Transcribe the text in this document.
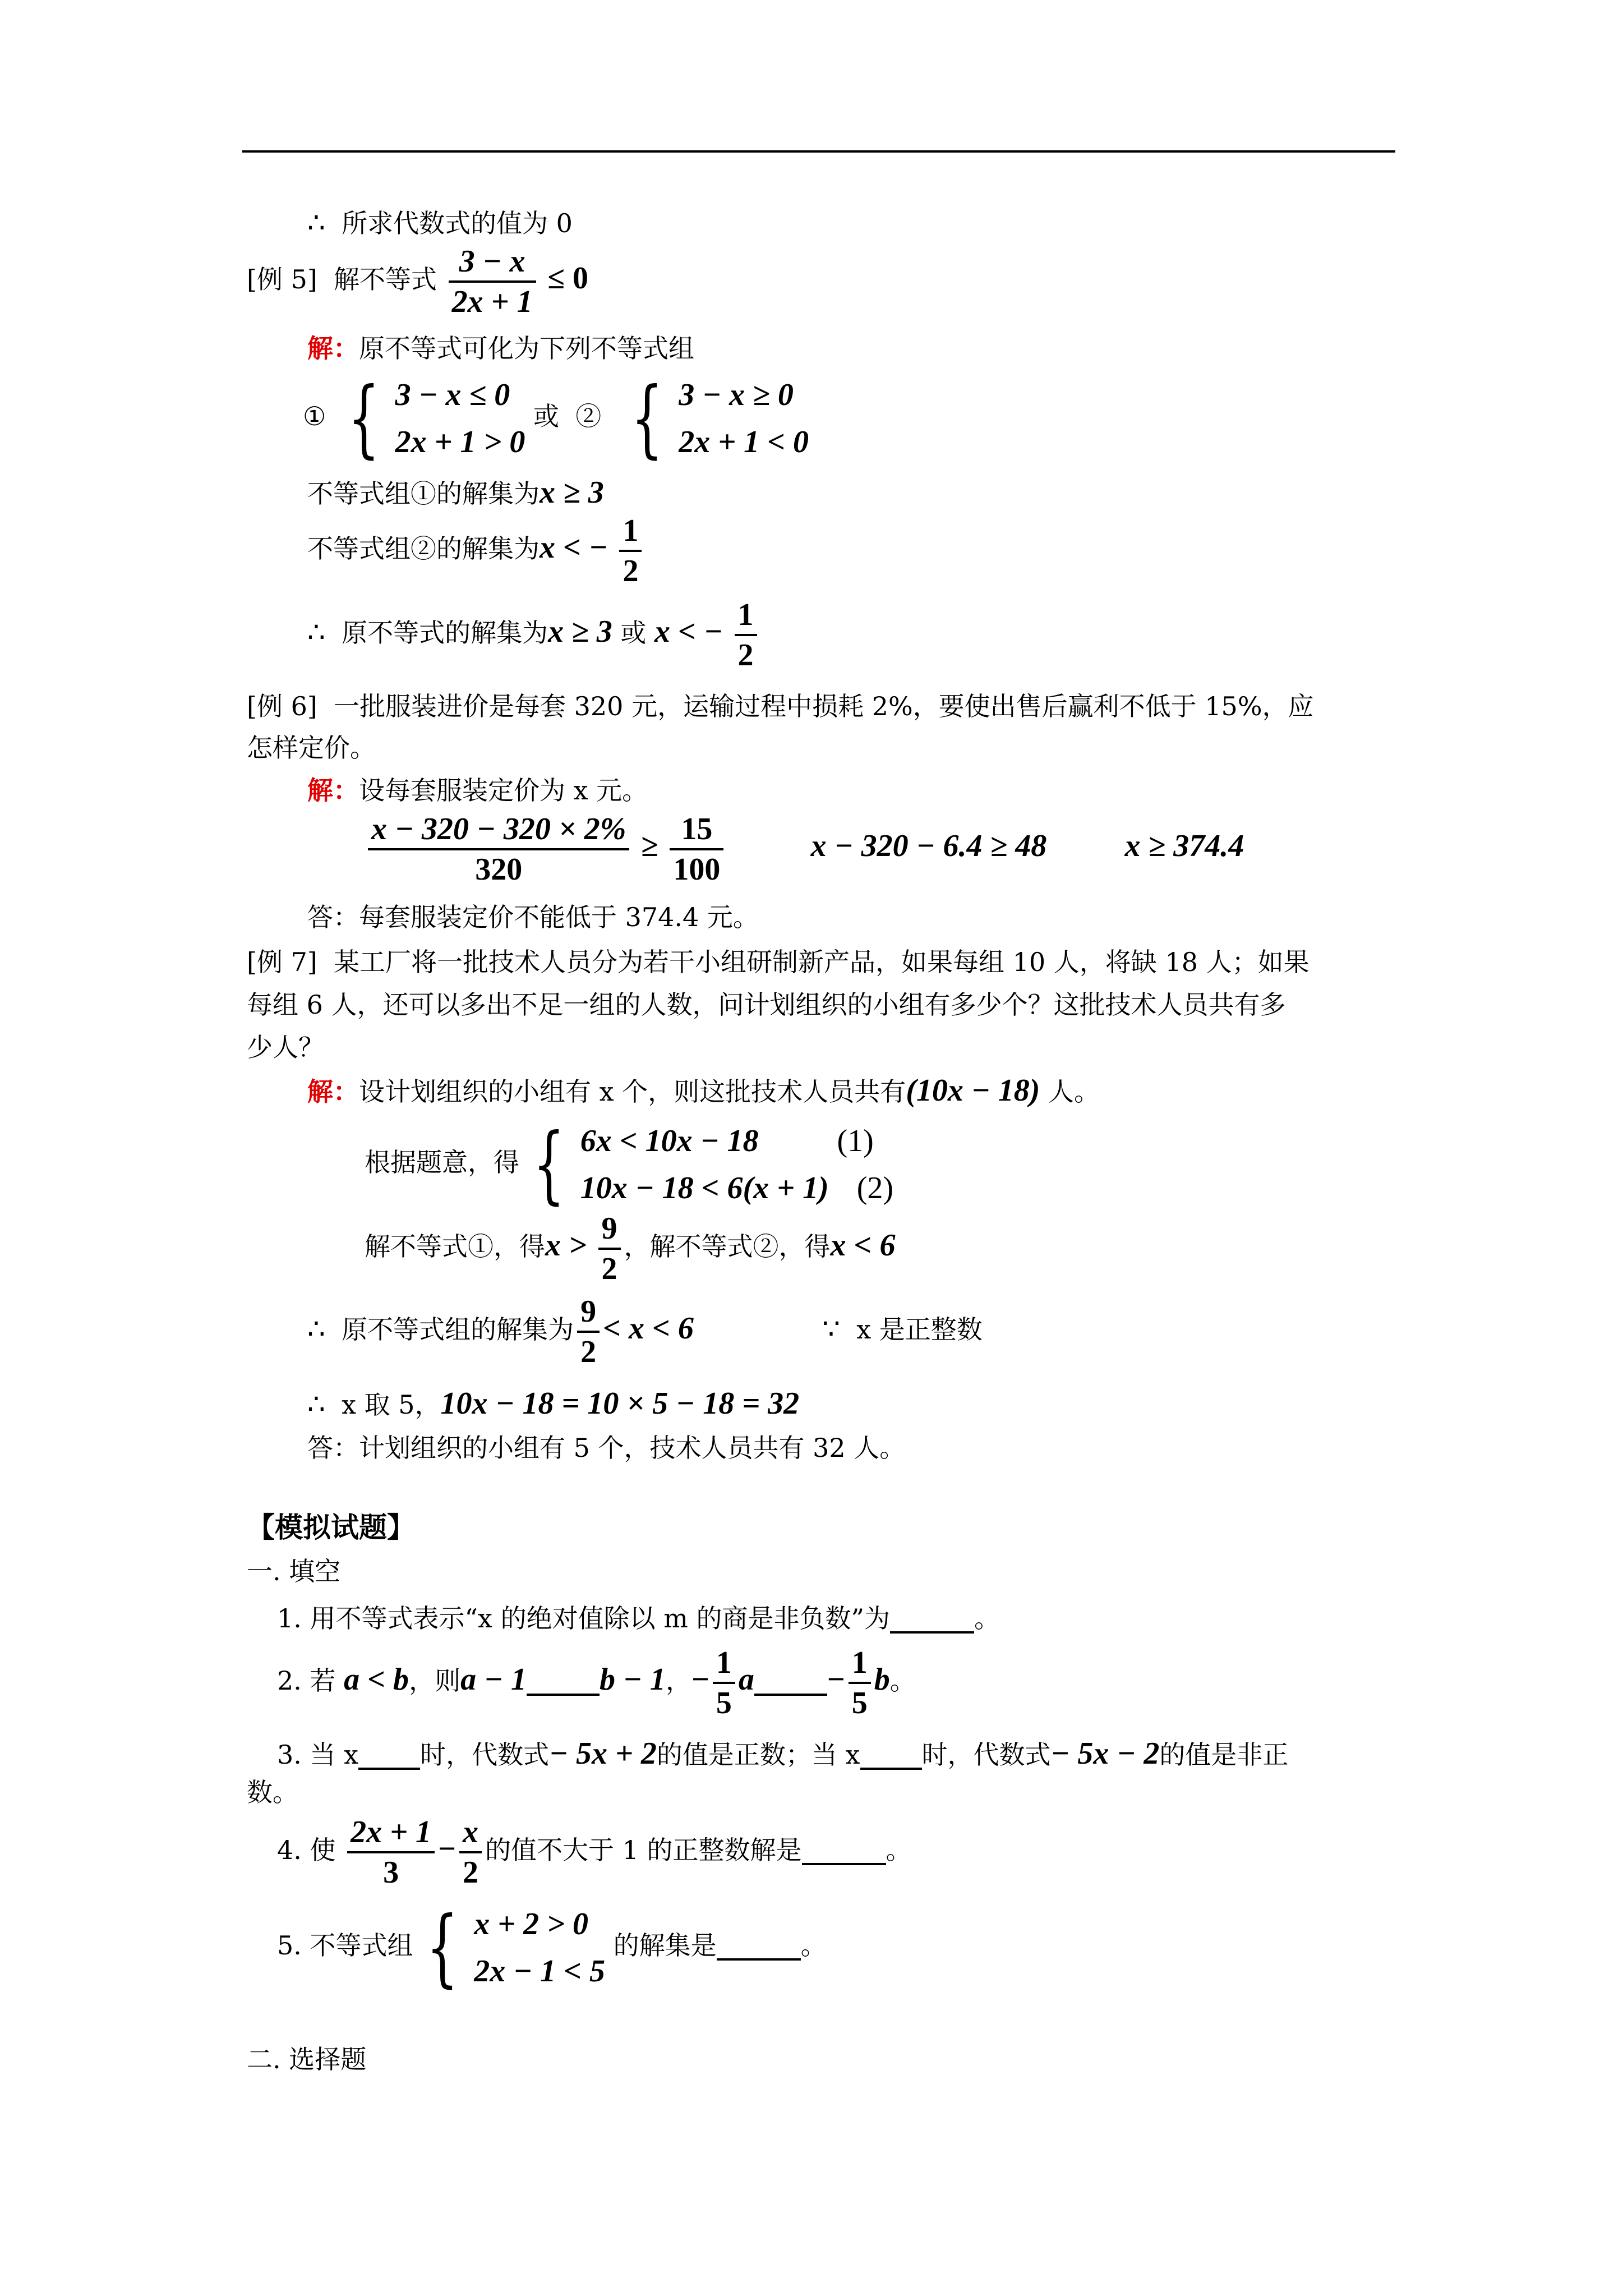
∴ 所求代数式的值为 0
[例 5] 解不等式 $\frac{3 - x}{2x + 1} \le 0$
解：原不等式可化为下列不等式组
① { 3 − x ≤ 0
2x + 1 > 0
或 ② { 3 − x ≥ 0
2x + 1 < 0
不等式组①的解集为x ≥ 3
不等式组②的解集为x < − $\frac{1}{2}$
∴ 原不等式的解集为x ≥ 3 或 x < − $\frac{1}{2}$
[例 6] 一批服装进价是每套 320 元，运输过程中损耗 2%，要使出售后赢利不低于 15%，应
怎样定价。
解：设每套服装定价为 x 元。
$\frac{x - 320 - 320 \times 2\%}{320} \ge \frac{15}{100}$	x − 320 − 6.4 ≥ 48 x ≥ 374.4
答：每套服装定价不能低于 374.4 元。
[例 7] 某工厂将一批技术人员分为若干小组研制新产品，如果每组 10 人，将缺 18 人；如果
每组 6 人，还可以多出不足一组的人数，问计划组织的小组有多少个？这批技术人员共有多
少人？
解：设计划组织的小组有 x 个，则这批技术人员共有(10x − 18) 人。
根据题意，得 { 6x < 10x − 18	(1)
10x − 18 < 6(x + 1) (2)
解不等式①，得$x > \frac{9}{2}$ ，解不等式②，得x < 6
∴ 原不等式组的解集为 $\frac{9}{2} < x < 6$	∵ x 是正整数
∴ x 取 5，10x − 18 = 10 × 5 − 18 = 32
答：计划组织的小组有 5 个，技术人员共有 32 人。
【模拟试题】
一. 填空
1. 用不等式表示“x 的绝对值除以 m 的商是非负数”为	。
2. 若 a < b，则a − 1 b − 1，− $\frac{1}{5}$ $a - \frac{1}{5}$ b。
3. 当 x 时，代数式− 5x + 2的值是正数；当 x 时，代数式− 5x − 2的值是非正
数。
4. 使 $\frac{2x + 1}{3} - \frac{x}{2}$ 的值不大于 1 的正整数解是	。
5. 不等式组 { x + 2 > 0
2x − 1 < 5
的解集是	。
二. 选择题
